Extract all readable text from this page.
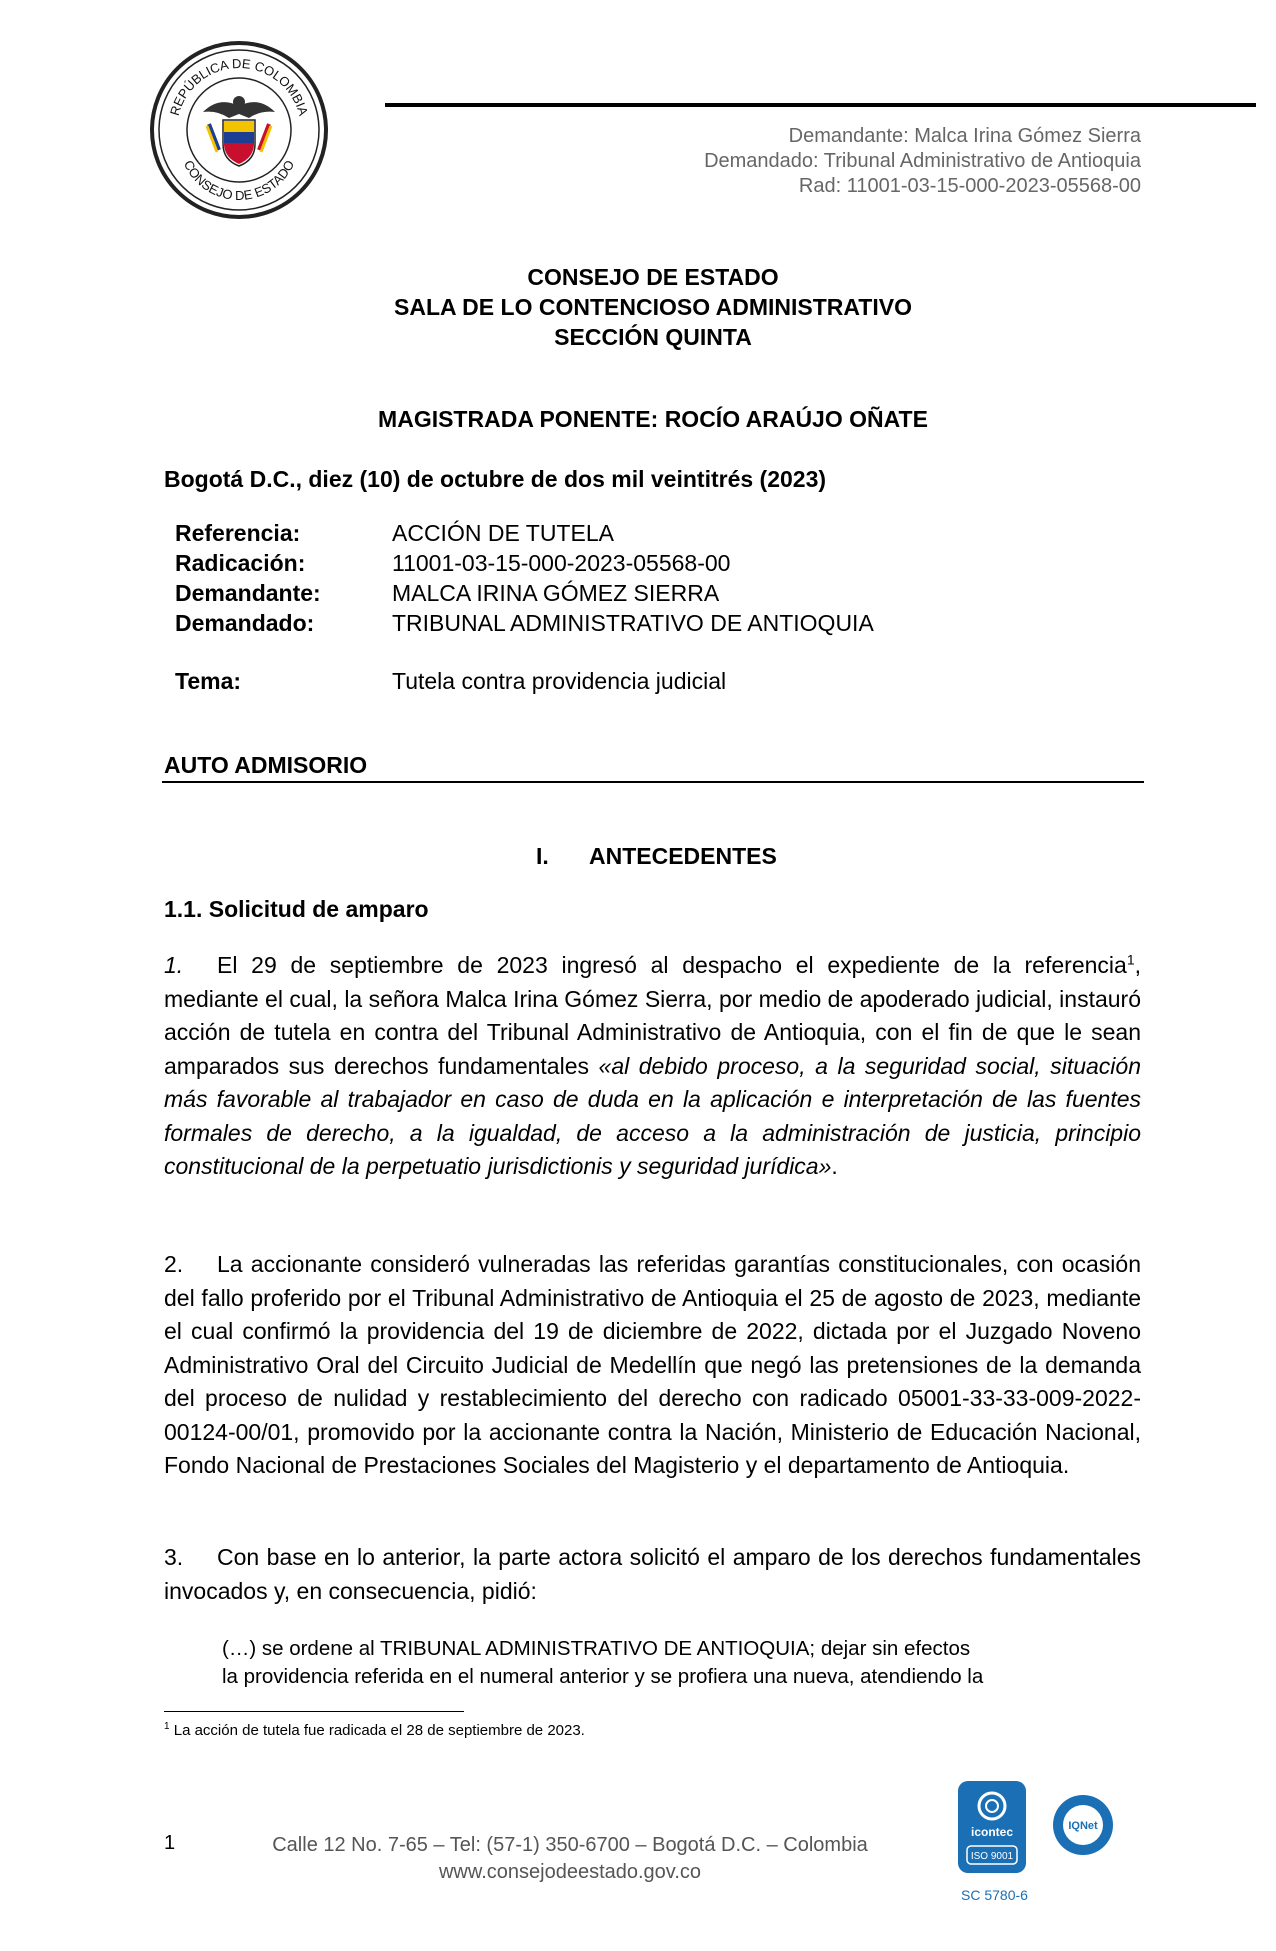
REPÚBLICA DE COLOMBIA
CONSEJO DE ESTADO
Demandante: Malca Irina Gómez Sierra
Demandado: Tribunal Administrativo de Antioquia
Rad: 11001-03-15-000-2023-05568-00
CONSEJO DE ESTADO
SALA DE LO CONTENCIOSO ADMINISTRATIVO
SECCIÓN QUINTA
MAGISTRADA PONENTE: ROCÍO ARAÚJO OÑATE
Bogotá D.C., diez (10) de octubre de dos mil veintitrés (2023)
Referencia:	ACCIÓN DE TUTELA
Radicación:	11001-03-15-000-2023-05568-00
Demandante:	MALCA IRINA GÓMEZ SIERRA
Demandado:	TRIBUNAL ADMINISTRATIVO DE ANTIOQUIA

Tema:	Tutela contra providencia judicial
AUTO ADMISORIO
I. ANTECEDENTES
1.1. Solicitud de amparo

1. El 29 de septiembre de 2023 ingresó al despacho el expediente de la referencia$^1$, mediante el cual, la señora Malca Irina Gómez Sierra, por medio de apoderado judicial, instauró acción de tutela en contra del Tribunal Administrativo de Antioquia, con el fin de que le sean amparados sus derechos fundamentales «al debido proceso, a la seguridad social, situación más favorable al trabajador en caso de duda en la aplicación e interpretación de las fuentes formales de derecho, a la igualdad, de acceso a la administración de justicia, principio constitucional de la perpetuatio jurisdictionis y seguridad jurídica».

2. La accionante consideró vulneradas las referidas garantías constitucionales, con ocasión del fallo proferido por el Tribunal Administrativo de Antioquia el 25 de agosto de 2023, mediante el cual confirmó la providencia del 19 de diciembre de 2022, dictada por el Juzgado Noveno Administrativo Oral del Circuito Judicial de Medellín que negó las pretensiones de la demanda del proceso de nulidad y restablecimiento del derecho con radicado 05001-33-33-009-2022-00124-00/01, promovido por la accionante contra la Nación, Ministerio de Educación Nacional, Fondo Nacional de Prestaciones Sociales del Magisterio y el departamento de Antioquia.

3. Con base en lo anterior, la parte actora solicitó el amparo de los derechos fundamentales invocados y, en consecuencia, pidió:

(…) se ordene al TRIBUNAL ADMINISTRATIVO DE ANTIOQUIA; dejar sin efectos
la providencia referida en el numeral anterior y se profiera una nueva, atendiendo la
$^1$ La acción de tutela fue radicada el 28 de septiembre de 2023.
1	Calle 12 No. 7-65 – Tel: (57-1) 350-6700 – Bogotá D.C. – Colombia
www.consejodeestado.gov.co
icontec
ISO 9001
IQNet
SC 5780-6
